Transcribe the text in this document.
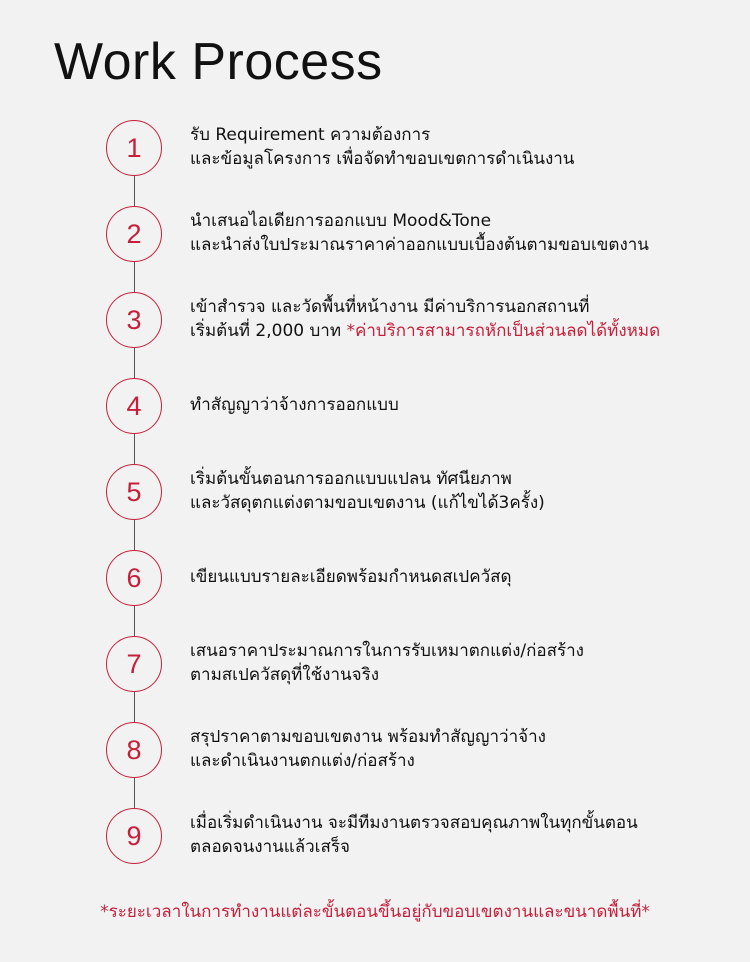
Work Process
1	รับ Requirement ความต้องการ
และข้อมูลโครงการ เพื่อจัดทำขอบเขตการดำเนินงาน
2	นำเสนอไอเดียการออกแบบ Mood&Tone
และนำส่งใบประมาณราคาค่าออกแบบเบื้องต้นตามขอบเขตงาน
3	เข้าสำรวจ และวัดพื้นที่หน้างาน มีค่าบริการนอกสถานที่
เริ่มต้นที่ 2,000 บาท *ค่าบริการสามารถหักเป็นส่วนลดได้ทั้งหมด
4	ทำสัญญาว่าจ้างการออกแบบ
5	เริ่มต้นขั้นตอนการออกแบบแปลน ทัศนียภาพ
และวัสดุตกแต่งตามขอบเขตงาน (แก้ไขได้3ครั้ง)
6	เขียนแบบรายละเอียดพร้อมกำหนดสเปควัสดุ
7	เสนอราคาประมาณการในการรับเหมาตกแต่ง/ก่อสร้าง
ตามสเปควัสดุที่ใช้งานจริง
8	สรุปราคาตามขอบเขตงาน พร้อมทำสัญญาว่าจ้าง
และดำเนินงานตกแต่ง/ก่อสร้าง
9	เมื่อเริ่มดำเนินงาน จะมีทีมงานตรวจสอบคุณภาพในทุกขั้นตอน
ตลอดจนงานแล้วเสร็จ
*ระยะเวลาในการทำงานแต่ละขั้นตอนขึ้นอยู่กับขอบเขตงานและขนาดพื้นที่*
